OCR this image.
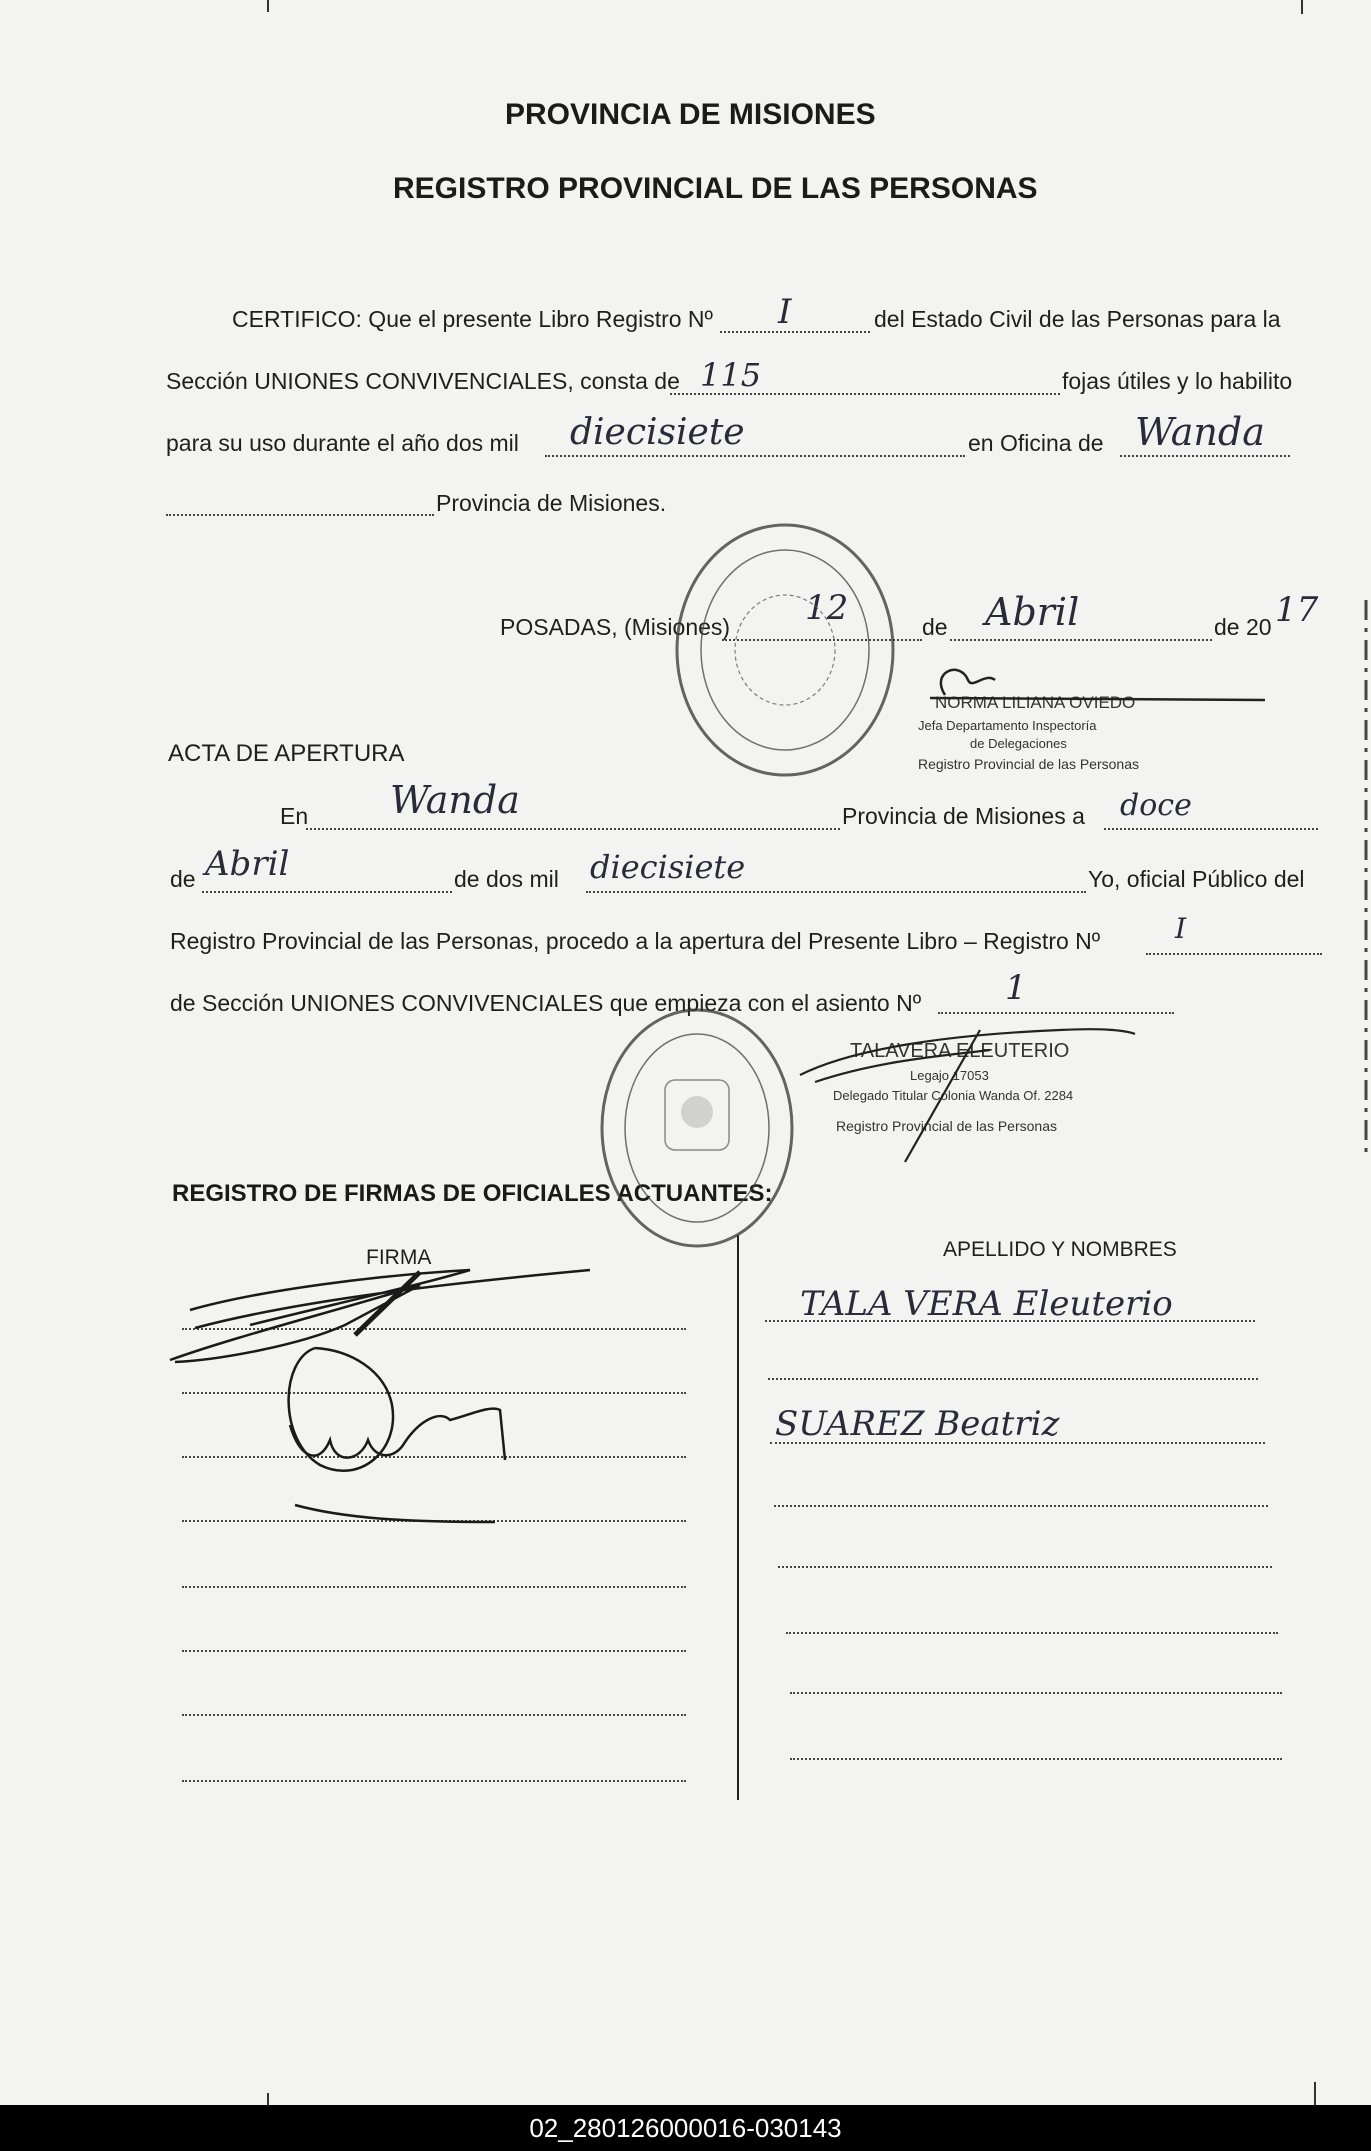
PROVINCIA DE MISIONES
REGISTRO PROVINCIAL DE LAS PERSONAS
CERTIFICO: Que el presente Libro Registro Nº I	del Estado Civil de las Personas para la
Sección UNIONES CONVIVENCIALES, consta de 115	fojas útiles y lo habilito
para su uso durante el año dos mil diecisiete	en Oficina de Wanda
Provincia de Misiones.
POSADAS, (Misiones) 12	de Abril	de 20 17
NORMA LILIANA OVIEDO
Jefa Departamento Inspectoría
de Delegaciones
Registro Provincial de las Personas
ACTA DE APERTURA
En Wanda	Provincia de Misiones a doce
de Abril	de dos mil diecisiete	Yo, oficial Público del
Registro Provincial de las Personas, procedo a la apertura del Presente Libro – Registro Nº	I
de Sección UNIONES CONVIVENCIALES que empieza con el asiento Nº 1
TALAVERA ELEUTERIO
Legajo 17053
Delegado Titular Colonia Wanda Of. 2284
Registro Provincial de las Personas
REGISTRO DE FIRMAS DE OFICIALES ACTUANTES:
FIRMA	APELLIDO Y NOMBRES
TALA VERA Eleuterio
SUAREZ Beatriz
02_280126000016-030143
